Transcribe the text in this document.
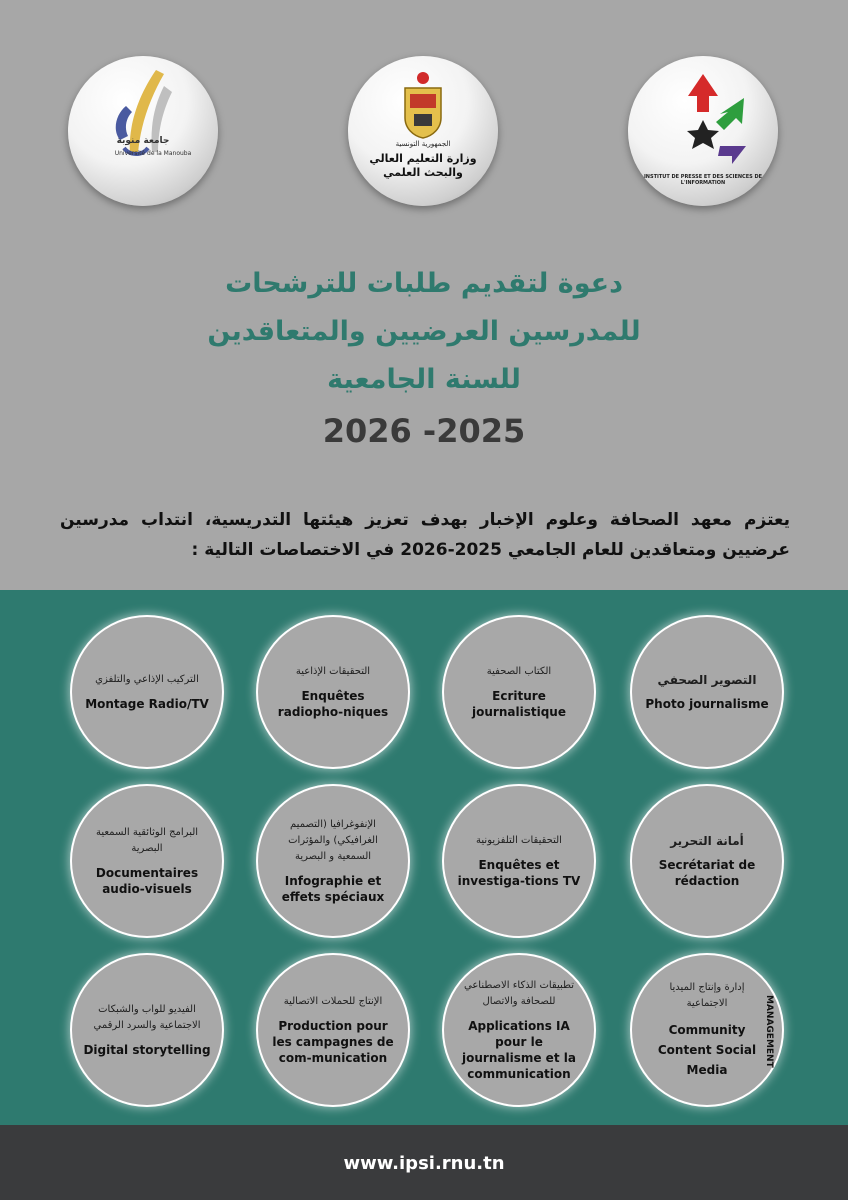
جامعة منوبة
Université de la Manouba
الجمهورية التونسية
وزارة التعليم العالي والبحث العلمي	INSTITUT DE PRESSE ET DES SCIENCES DE L'INFORMATION
دعوة لتقديم طلبات للترشحات
للمدرسين العرضيين والمتعاقدين
للسنة الجامعية
2026 -2025
يعتزم معهد الصحافة وعلوم الإخبار بهدف تعزيز هيئتها التدريسية، انتداب مدرسين عرضيين ومتعاقدين للعام الجامعي 2025-2026 في الاختصاصات التالية :
التصوير الصحفي
Photo journalisme
الكتاب الصحفية
Ecriture journalistique
التحقيقات الإذاعية
Enquêtes radiopho-niques
التركيب الإذاعي والتلفزي
Montage Radio/TV
أمانة التحرير
Secrétariat de rédaction
التحقيقات التلفزيونية
Enquêtes et investiga-tions TV
الإنفوغرافيا (التصميم الغرافيكي) والمؤثرات السمعية و البصرية
Infographie et effets spéciaux
البرامج الوثائقية السمعية البصرية
Documentaires audio-visuels
إدارة وإنتاج الميديا الاجتماعية
Community Content Social Media
MANAGEMENT
تطبيقات الذكاء الاصطناعي للصحافة والاتصال
Applications IA pour le journalisme et la communication
الإنتاج للحملات الاتصالية
Production pour les campagnes de com-munication
الفيديو للواب والشبكات الاجتماعية والسرد الرقمي
Digital storytelling
www.ipsi.rnu.tn
